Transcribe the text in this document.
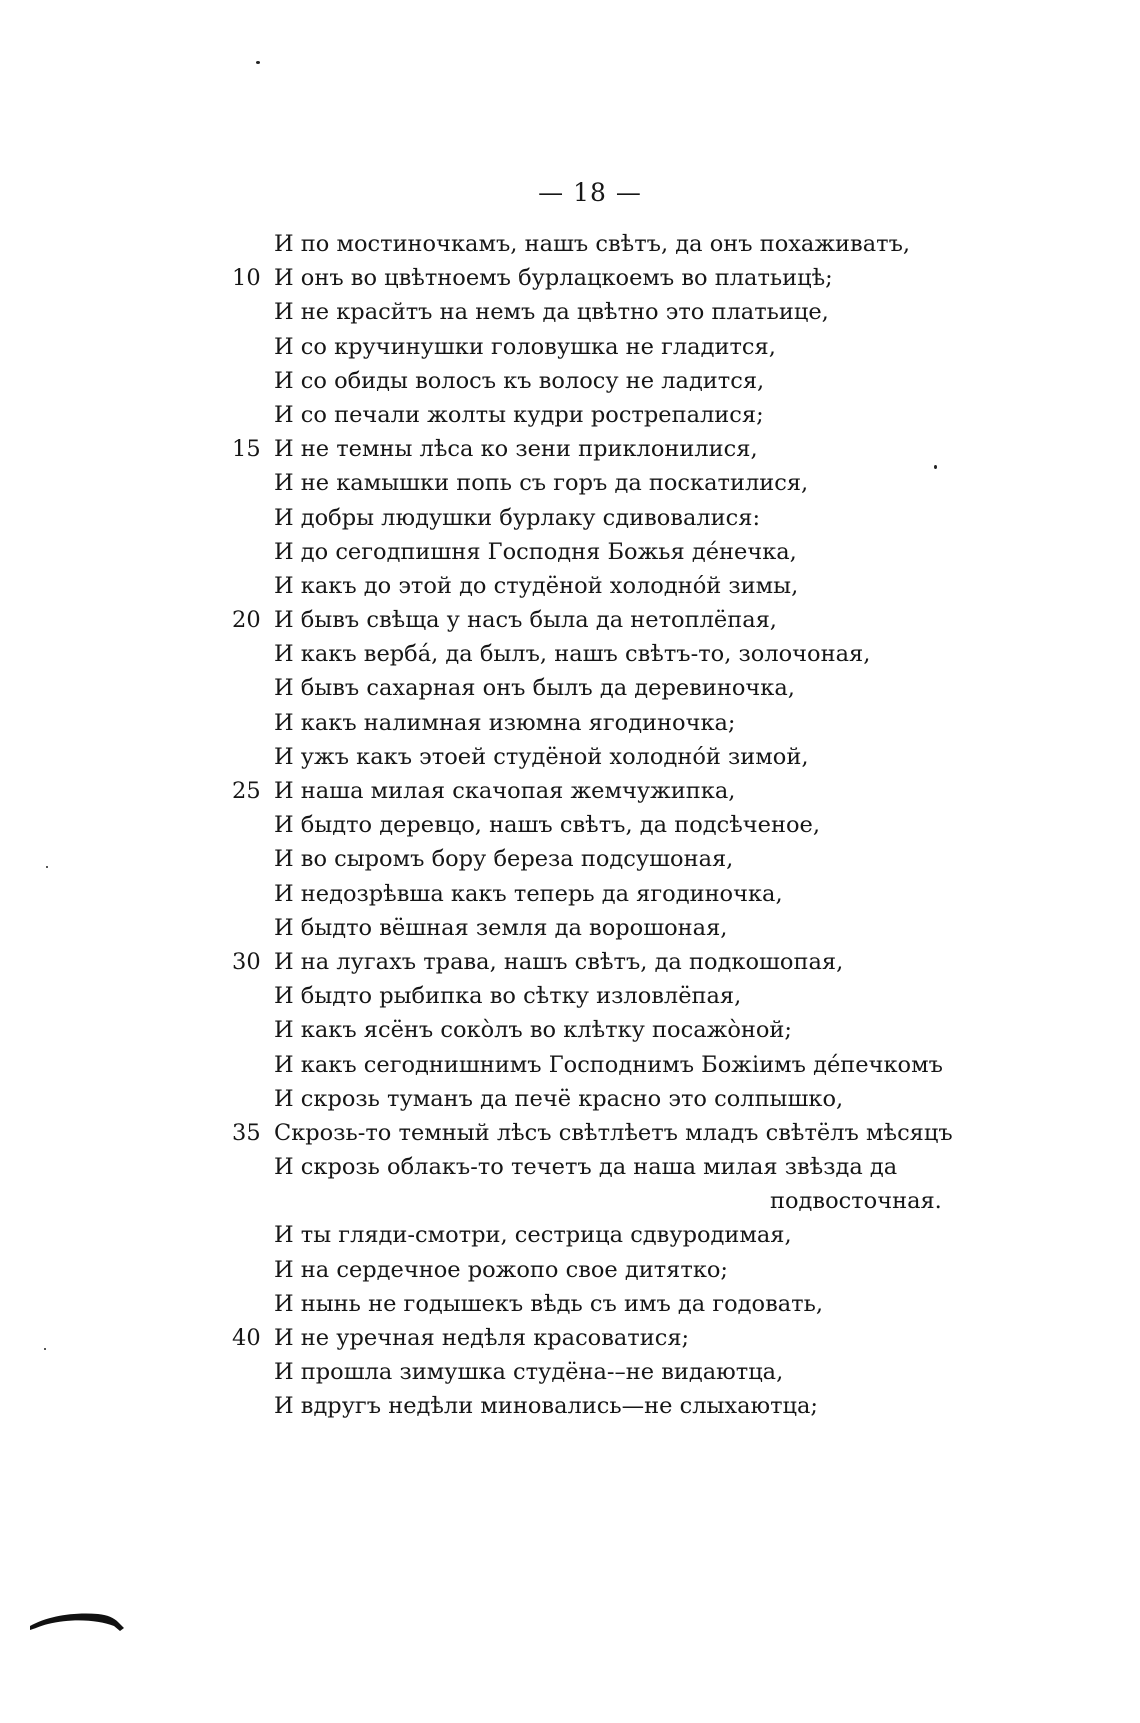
— 18 —
И по мостиночкамъ, нашъ свѣтъ, да онъ похаживатъ,
10 И онъ во цвѣтноемъ бурлацкоемъ во платьицѣ;
И не красйтъ на немъ да цвѣтно это платьице,
И со кручинушки головушка не гладится,
И со обиды волосъ къ волосу не ладится,
И со печали жолты кудри рострепалися;
15 И не темны лѣса ко зени приклонилися,
И не камышки попь съ горъ да поскатилися,
И добры людушки бурлаку сдивовалися:
И до сегодпишня Господня Божья де́нечка,
И какъ до этой до студёной холоднóй зимы,
20 И бывъ свѣща у насъ была да нетоплёпая,
И какъ верба́, да былъ, нашъ свѣтъ-то, золочоная,
И бывъ сахарная онъ былъ да деревиночка,
И какъ налимная изюмна ягодиночка;
И ужъ какъ этоей студёной холоднóй зимой,
25 И наша милая скачопая жемчужипка,
И быдто деревцо, нашъ свѣтъ, да подсѣченое,
И во сыромъ бору береза подсушоная,
И недозрѣвша какъ теперь да ягодиночка,
И быдто вёшная земля да ворошоная,
30 И на лугахъ трава, нашъ свѣтъ, да подкошопая,
И быдто рыбипка во сѣтку изловлёпая,
И какъ ясёнъ соко̀лъ во клѣтку посажо̀ной;
И какъ сегоднишнимъ Господнимъ Божiимъ де́печкомъ
И скрозь туманъ да печё красно это солпышко,
35 Скрозь-то темный лѣсъ свѣтлѣетъ младъ свѣтёлъ мѣсяцъ
И скрозь облакъ-то течетъ да наша милая звѣзда да
подвосточная.
И ты гляди-смотри, сестрица сдвуродимая,
И на сердечное рожопо свое дитятко;
И нынь не годышекъ вѣдь съ имъ да годовать,
40 И не уречная недѣля красоватися;
И прошла зимушка студёна-–не видаютца,
И вдругъ недѣли миновались—не слыхаютца;
